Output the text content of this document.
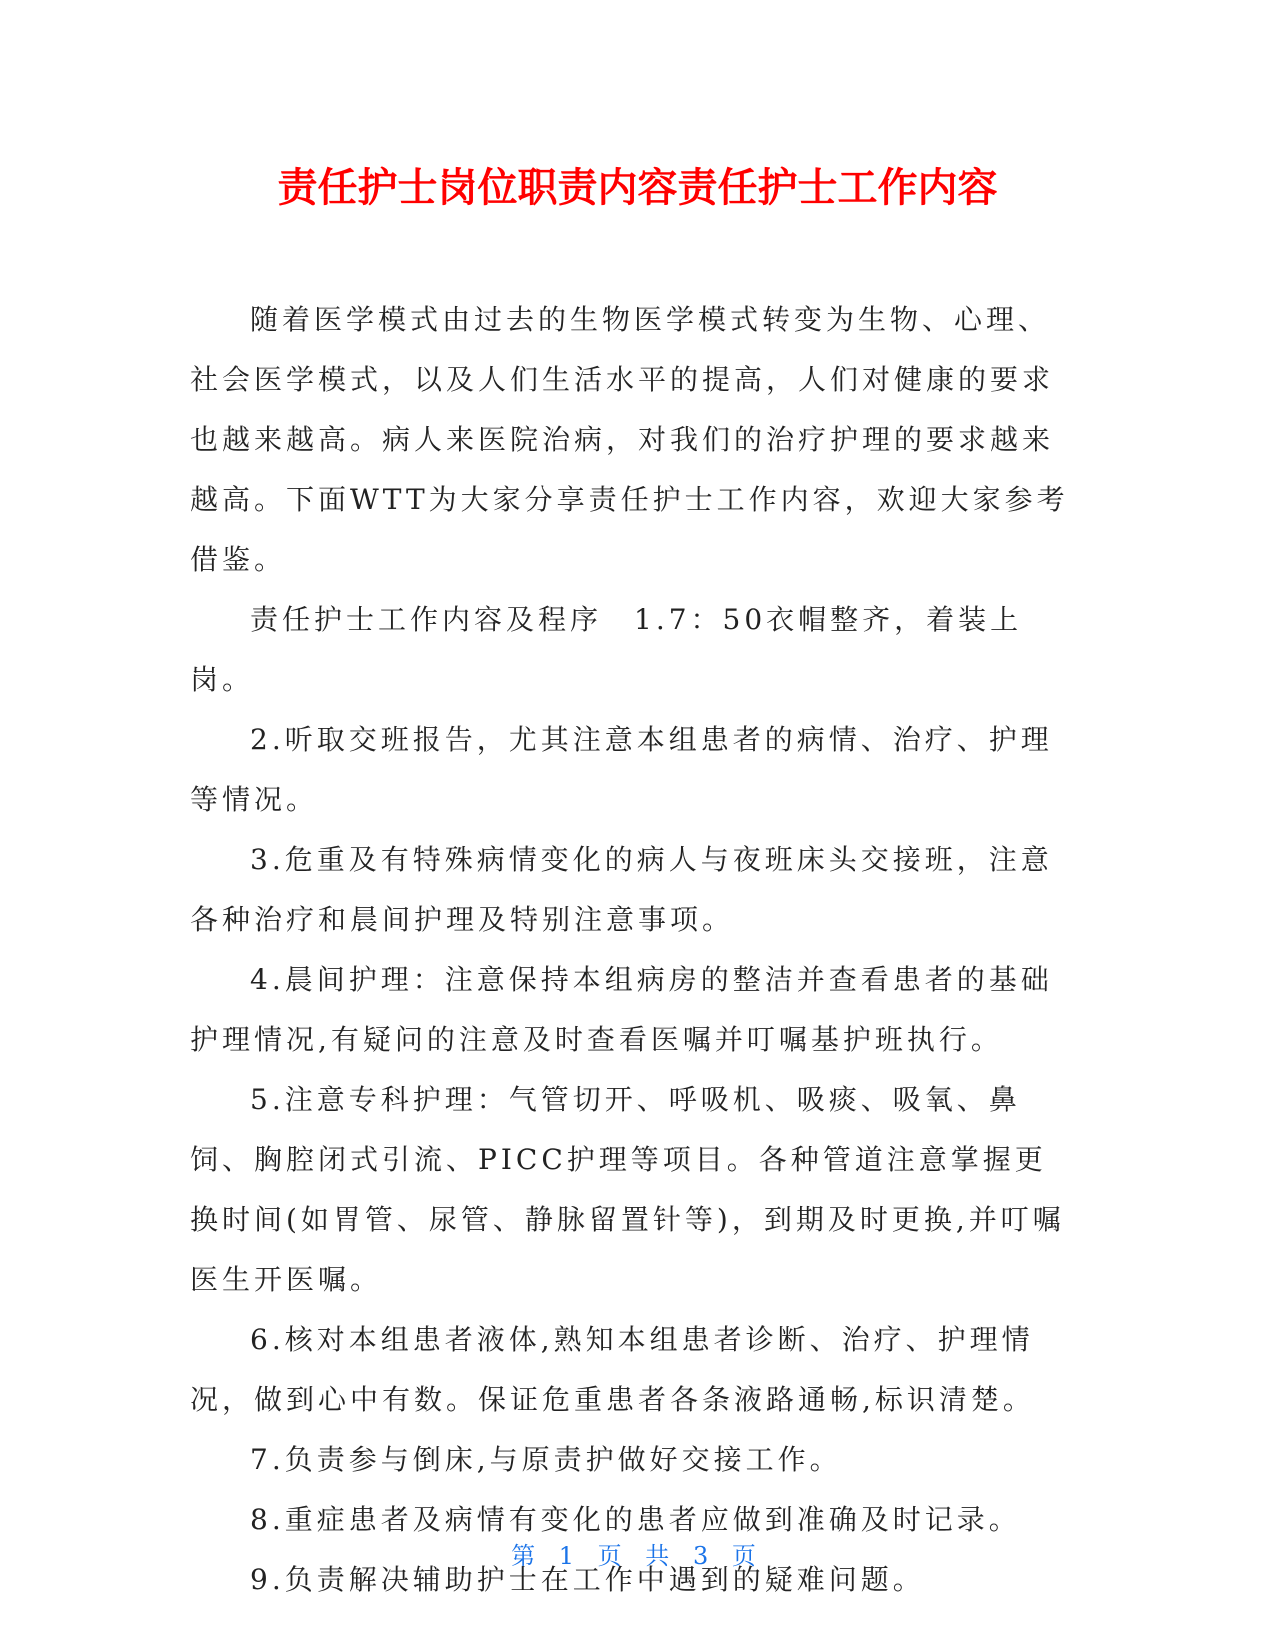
责任护士岗位职责内容责任护士工作内容

随着医学模式由过去的生物医学模式转变为生物、心理、社会医学模式，以及人们生活水平的提高，人们对健康的要求也越来越高。病人来医院治病，对我们的治疗护理的要求越来越高。下面WTT为大家分享责任护士工作内容，欢迎大家参考借鉴。

责任护士工作内容及程序　1.7：50衣帽整齐，着装上岗。

2.听取交班报告，尤其注意本组患者的病情、治疗、护理等情况。

3.危重及有特殊病情变化的病人与夜班床头交接班，注意各种治疗和晨间护理及特别注意事项。

4.晨间护理：注意保持本组病房的整洁并查看患者的基础护理情况,有疑问的注意及时查看医嘱并叮嘱基护班执行。

5.注意专科护理：气管切开、呼吸机、吸痰、吸氧、鼻饲、胸腔闭式引流、PICC护理等项目。各种管道注意掌握更换时间(如胃管、尿管、静脉留置针等)，到期及时更换,并叮嘱医生开医嘱。

6.核对本组患者液体,熟知本组患者诊断、治疗、护理情况，做到心中有数。保证危重患者各条液路通畅,标识清楚。

7.负责参与倒床,与原责护做好交接工作。

8.重症患者及病情有变化的患者应做到准确及时记录。

9.负责解决辅助护士在工作中遇到的疑难问题。

第 1 页 共 3 页
